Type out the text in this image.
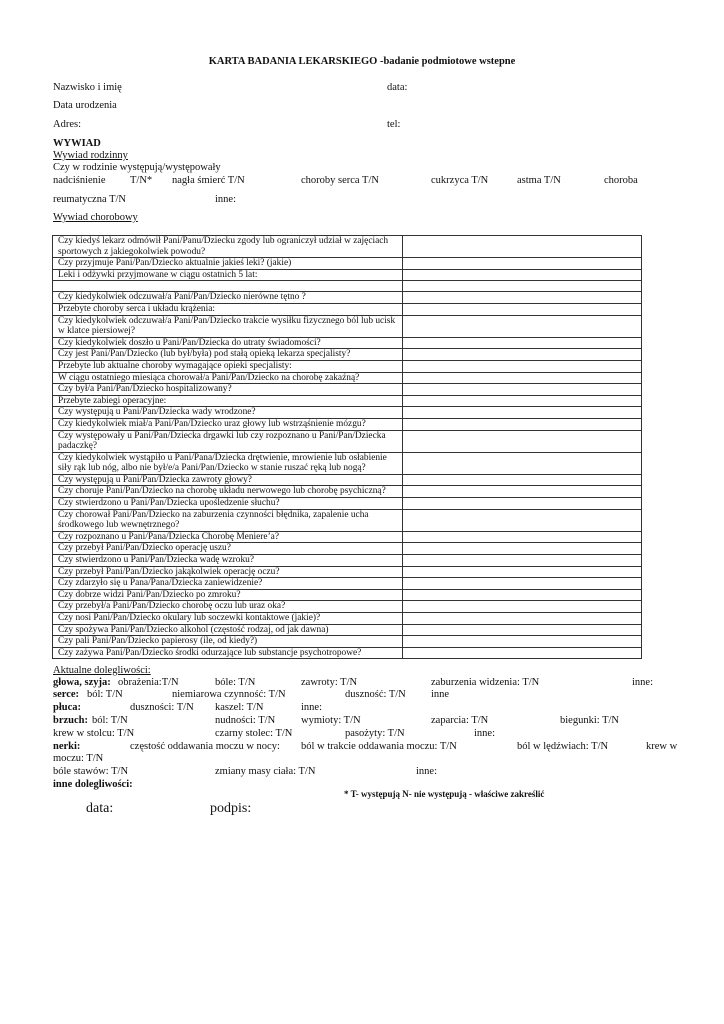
KARTA BADANIA LEKARSKIEGO -badanie podmiotowe wstepne
Nazwisko i imię	data:
Data urodzenia
Adres:	tel:
WYWIAD
Wywiad rodzinny
Czy w rodzinie występują/występowały
nadciśnienie T/N* nagła śmierć T/N	choroby serca T/N	cukrzyca T/N	astma T/N	choroba
reumatyczna T/N	inne:
Wywiad chorobowy
Czy kiedyś lekarz odmówił Pani/Panu/Dziecku zgody lub ograniczył udział w zajęciach sportowych z jakiegokolwiek powodu?	
Czy przyjmuje Pani/Pan/Dziecko aktualnie jakieś leki? (jakie)	
Leki i odżywki przyjmowane w ciągu ostatnich 5 lat:	

Czy kiedykolwiek odczuwał/a Pani/Pan/Dziecko nierówne tętno ?	
Przebyte choroby serca i układu krążenia:	
Czy kiedykolwiek odczuwał/a Pani/Pan/Dziecko trakcie wysiłku fizycznego ból lub ucisk w klatce piersiowej?	
Czy kiedykolwiek doszło u Pani/Pan/Dziecka do utraty świadomości?	
Czy jest Pani/Pan/Dziecko (lub był/była) pod stałą opieką lekarza specjalisty?	
Przebyte lub aktualne choroby wymagające opieki specjalisty:	
W ciągu ostatniego miesiąca chorował/a Pani/Pan/Dziecko na chorobę zakaźną?	
Czy był/a Pani/Pan/Dziecko hospitalizowany?	
Przebyte zabiegi operacyjne:	
Czy występują u Pani/Pan/Dziecka wady wrodzone?	
Czy kiedykolwiek miał/a Pani/Pan/Dziecko uraz głowy lub wstrząśnienie mózgu?	
Czy występowały u Pani/Pan/Dziecka drgawki lub czy rozpoznano u Pani/Pan/Dziecka padaczkę?	
Czy kiedykolwiek wystąpiło u Pani/Pana/Dziecka drętwienie, mrowienie lub osłabienie siły rąk lub nóg, albo nie był/e/a Pani/Pan/Dziecko w stanie ruszać ręką lub nogą?	
Czy występują u Pani/Pan/Dziecka zawroty głowy?	
Czy choruje Pani/Pan/Dziecko na chorobę układu nerwowego lub chorobę psychiczną?	
Czy stwierdzono u Pani/Pan/Dziecka upośledzenie słuchu?	
Czy chorował Pani/Pan/Dziecko na zaburzenia czynności błędnika, zapalenie ucha środkowego lub wewnętrznego?	
Czy rozpoznano u Pani/Pana/Dziecka Chorobę Meniere’a?	
Czy przebył Pani/Pan/Dziecko operację uszu?	
Czy stwierdzono u Pani/Pan/Dziecka wadę wzroku?	
Czy przebył Pani/Pan/Dziecko jakąkolwiek operację oczu?	
Czy zdarzyło się u Pana/Pana/Dziecka zaniewidzenie?	
Czy dobrze widzi Pani/Pan/Dziecko po zmroku?	
Czy przebył/a Pani/Pan/Dziecko chorobę oczu lub uraz oka?	
Czy nosi Pani/Pan/Dziecko okulary lub soczewki kontaktowe (jakie)?	
Czy spożywa Pani/Pan/Dziecko alkohol (częstość rodzaj, od jak dawna)	
Czy pali Pani/Pan/Dziecko papierosy (ile, od kiedy?)	
Czy zażywa Pani/Pan/Dziecko środki odurzające lub substancje psychotropowe?	
Aktualne dolegliwości:
głowa, szyja: obrażenia:T/N	bóle: T/N	zawroty: T/N	zaburzenia widzenia: T/N	inne:
serce: ból: T/N	niemiarowa czynność: T/N	duszność: T/N inne
płuca:	duszności: T/N kaszel: T/N	inne:
brzuch: ból: T/N	nudności: T/N wymioty: T/N	zaparcia: T/N	biegunki: T/N
krew w stolcu: T/N	czarny stolec: T/N	pasożyty: T/N	inne:
nerki:	częstość oddawania moczu w nocy: ból w trakcie oddawania moczu: T/N	ból w lędźwiach: T/N	krew w
moczu: T/N
bóle stawów: T/N	zmiany masy ciała: T/N	inne:
inne dolegliwości:
* T- występują N- nie występują - właściwe zakreślić
data:	podpis:
